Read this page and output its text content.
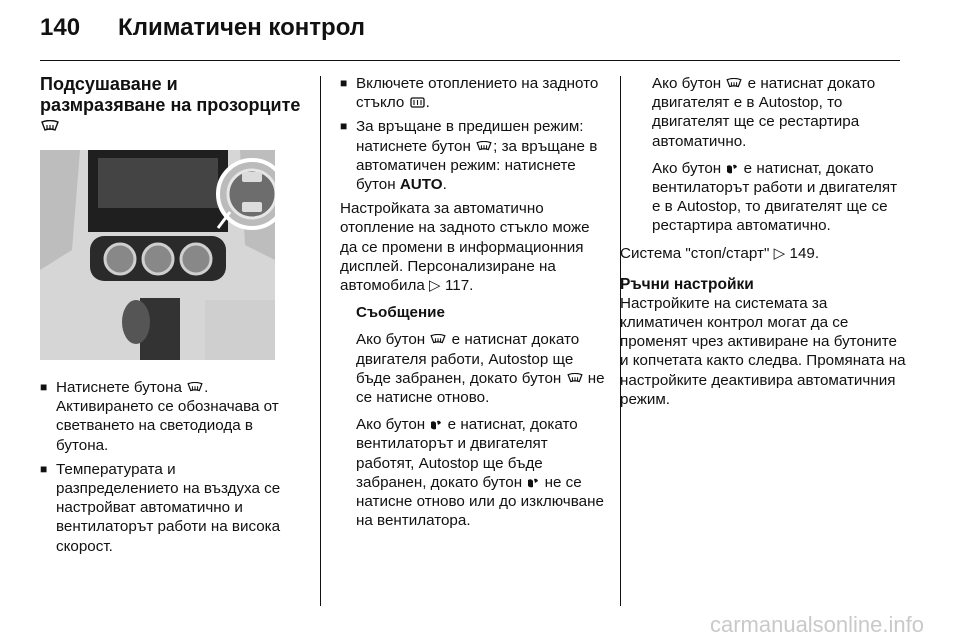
140 Климатичен контрол
Подсушаване и размразяване на прозорците
■ Натиснете бутона .
Активирането се обозначава от светването на светодиода в бутона.
■ Температурата и разпределението на въздуха се настройват автоматично и вентилаторът работи на висока скорост.
■ Включете отоплението на задното стъкло .
■ За връщане в предишен режим: натиснете бутон ; за връщане в автоматичен режим: натиснете бутон AUTO.

Настройката за автоматично отопление на задното стъкло може да се промени в информационния дисплей. Персонализиране на автомобила ▷ 117.

Съобщение

Ако бутон е натиснат докато двигателя работи, Autostop ще бъде забранен, докато бутон не се натисне отново.

Ако бутон е натиснат, докато вентилаторът и двигателят работят, Autostop ще бъде забранен, докато бутон не се натисне отново или до изключване на вентилатора.

Ако бутон е натиснат докато двигателят е в Autostop, то двигателят ще се рестартира автоматично.

Ако бутон е натиснат, докато вентилаторът работи и двигателят е в Autostop, то двигателят ще се рестартира автоматично.

Система "стоп/старт" ▷ 149.

Ръчни настройки

Настройките на системата за климатичен контрол могат да се променят чрез активиране на бутоните и копчетата както следва. Промяната на настройките деактивира автоматичния режим.

carmanualsonline.info
